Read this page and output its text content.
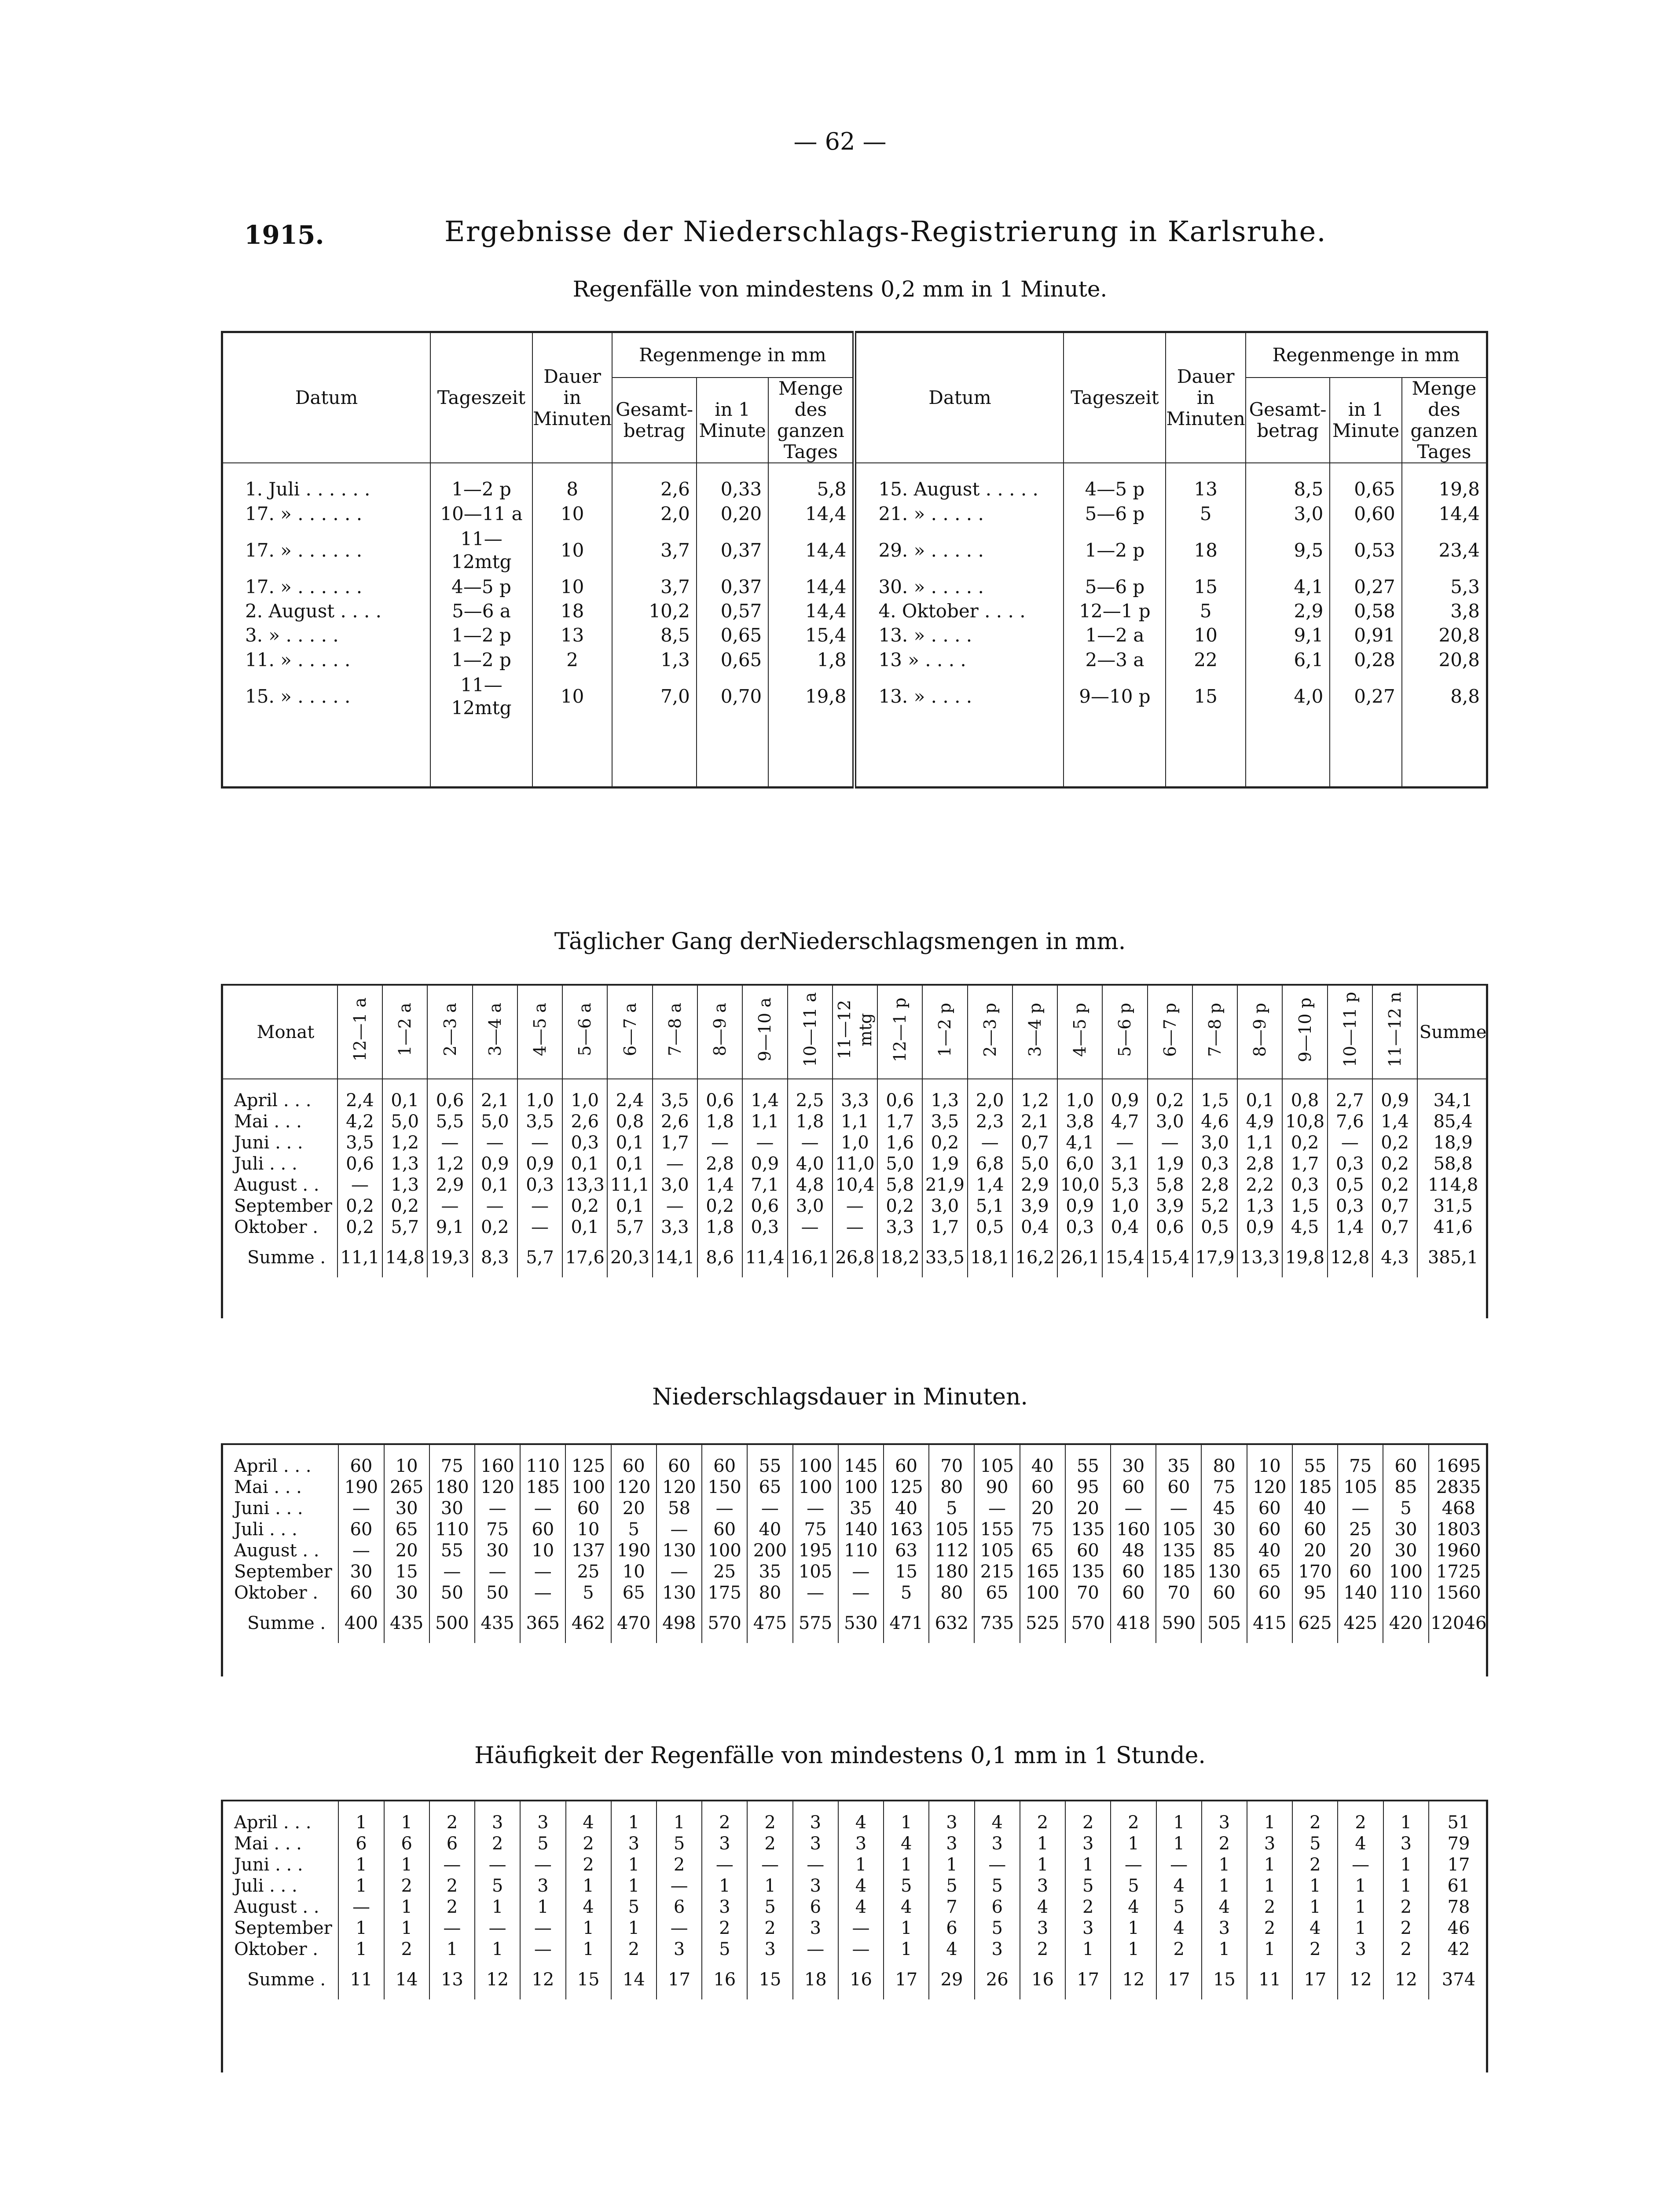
— 62 —
1915.	Ergebnisse der Niederschlags-Registrierung in Karlsruhe.
Regenfälle von mindestens 0,2 mm in 1 Minute.
Datum	Tageszeit	Dauer in Minuten	Regenmenge in mm			Datum	Tageszeit	Dauer in Minuten	Regenmenge in mm		
			Gesamt-betrag	in 1 Minute	Menge des ganzen Tages				Gesamt-betrag	in 1 Minute	Menge des ganzen Tages
1. Juli . . . . . .	1—2 p	8	2,6	0,33	5,8	15. August . . . . .	4—5 p	13	8,5	0,65	19,8
17. » . . . . . .	10—11 a	10	2,0	0,20	14,4	21. » . . . . .	5—6 p	5	3,0	0,60	14,4
17. » . . . . . .	11—12mtg	10	3,7	0,37	14,4	29. » . . . . .	1—2 p	18	9,5	0,53	23,4
17. » . . . . . .	4—5 p	10	3,7	0,37	14,4	30. » . . . . .	5—6 p	15	4,1	0,27	5,3
2. August . . . .	5—6 a	18	10,2	0,57	14,4	4. Oktober . . . .	12—1 p	5	2,9	0,58	3,8
3. » . . . . .	1—2 p	13	8,5	0,65	15,4	13. » . . . .	1—2 a	10	9,1	0,91	20,8
11. » . . . . .	1—2 p	2	1,3	0,65	1,8	13 » . . . .	2—3 a	22	6,1	0,28	20,8
15. » . . . . .	11—12mtg	10	7,0	0,70	19,8	13. » . . . .	9—10 p	15	4,0	0,27	8,8

Täglicher Gang derNiederschlagsmengen in mm.
Monat	12—1 a	1—2 a	2—3 a	3—4 a	4—5 a	5—6 a	6—7 a	7—8 a	8—9 a	9—10 a	10—11 a	11—12 mtg	12—1 p	1—2 p	2—3 p	3—4 p	4—5 p	5—6 p	6—7 p	7—8 p	8—9 p	9—10 p	10—11 p	11—12 n	Summe
April . . .	2,4	0,1	0,6	2,1	1,0	1,0	2,4	3,5	0,6	1,4	2,5	3,3	0,6	1,3	2,0	1,2	1,0	0,9	0,2	1,5	0,1	0,8	2,7	0,9	34,1
Mai . . .	4,2	5,0	5,5	5,0	3,5	2,6	0,8	2,6	1,8	1,1	1,8	1,1	1,7	3,5	2,3	2,1	3,8	4,7	3,0	4,6	4,9	10,8	7,6	1,4	85,4
Juni . . .	3,5	1,2	—	—	—	0,3	0,1	1,7	—	—	—	1,0	1,6	0,2	—	0,7	4,1	—	—	3,0	1,1	0,2	—	0,2	18,9
Juli . . .	0,6	1,3	1,2	0,9	0,9	0,1	0,1	—	2,8	0,9	4,0	11,0	5,0	1,9	6,8	5,0	6,0	3,1	1,9	0,3	2,8	1,7	0,3	0,2	58,8
August . .	—	1,3	2,9	0,1	0,3	13,3	11,1	3,0	1,4	7,1	4,8	10,4	5,8	21,9	1,4	2,9	10,0	5,3	5,8	2,8	2,2	0,3	0,5	0,2	114,8
September	0,2	0,2	—	—	—	0,2	0,1	—	0,2	0,6	3,0	—	0,2	3,0	5,1	3,9	0,9	1,0	3,9	5,2	1,3	1,5	0,3	0,7	31,5
Oktober .	0,2	5,7	9,1	0,2	—	0,1	5,7	3,3	1,8	0,3	—	—	3,3	1,7	0,5	0,4	0,3	0,4	0,6	0,5	0,9	4,5	1,4	0,7	41,6
Summe .	11,1	14,8	19,3	8,3	5,7	17,6	20,3	14,1	8,6	11,4	16,1	26,8	18,2	33,5	18,1	16,2	26,1	15,4	15,4	17,9	13,3	19,8	12,8	4,3	385,1
Niederschlagsdauer in Minuten.
April . . .	60	10	75	160	110	125	60	60	60	55	100	145	60	70	105	40	55	30	35	80	10	55	75	60	1695
Mai . . .	190	265	180	120	185	100	120	120	150	65	100	100	125	80	90	60	95	60	60	75	120	185	105	85	2835
Juni . . .	—	30	30	—	—	60	20	58	—	—	—	35	40	5	—	20	20	—	—	45	60	40	—	5	468
Juli . . .	60	65	110	75	60	10	5	—	60	40	75	140	163	105	155	75	135	160	105	30	60	60	25	30	1803
August . .	—	20	55	30	10	137	190	130	100	200	195	110	63	112	105	65	60	48	135	85	40	20	20	30	1960
September	30	15	—	—	—	25	10	—	25	35	105	—	15	180	215	165	135	60	185	130	65	170	60	100	1725
Oktober .	60	30	50	50	—	5	65	130	175	80	—	—	5	80	65	100	70	60	70	60	60	95	140	110	1560
Summe .	400	435	500	435	365	462	470	498	570	475	575	530	471	632	735	525	570	418	590	505	415	625	425	420	12046
Häufigkeit der Regenfälle von mindestens 0,1 mm in 1 Stunde.
April . . .	1	1	2	3	3	4	1	1	2	2	3	4	1	3	4	2	2	2	1	3	1	2	2	1	51
Mai . . .	6	6	6	2	5	2	3	5	3	2	3	3	4	3	3	1	3	1	1	2	3	5	4	3	79
Juni . . .	1	1	—	—	—	2	1	2	—	—	—	1	1	1	—	1	1	—	—	1	1	2	—	1	17
Juli . . .	1	2	2	5	3	1	1	—	1	1	3	4	5	5	5	3	5	5	4	1	1	1	1	1	61
August . .	—	1	2	1	1	4	5	6	3	5	6	4	4	7	6	4	2	4	5	4	2	1	1	2	78
September	1	1	—	—	—	1	1	—	2	2	3	—	1	6	5	3	3	1	4	3	2	4	1	2	46
Oktober .	1	2	1	1	—	1	2	3	5	3	—	—	1	4	3	2	1	1	2	1	1	2	3	2	42
Summe .	11	14	13	12	12	15	14	17	16	15	18	16	17	29	26	16	17	12	17	15	11	17	12	12	374
